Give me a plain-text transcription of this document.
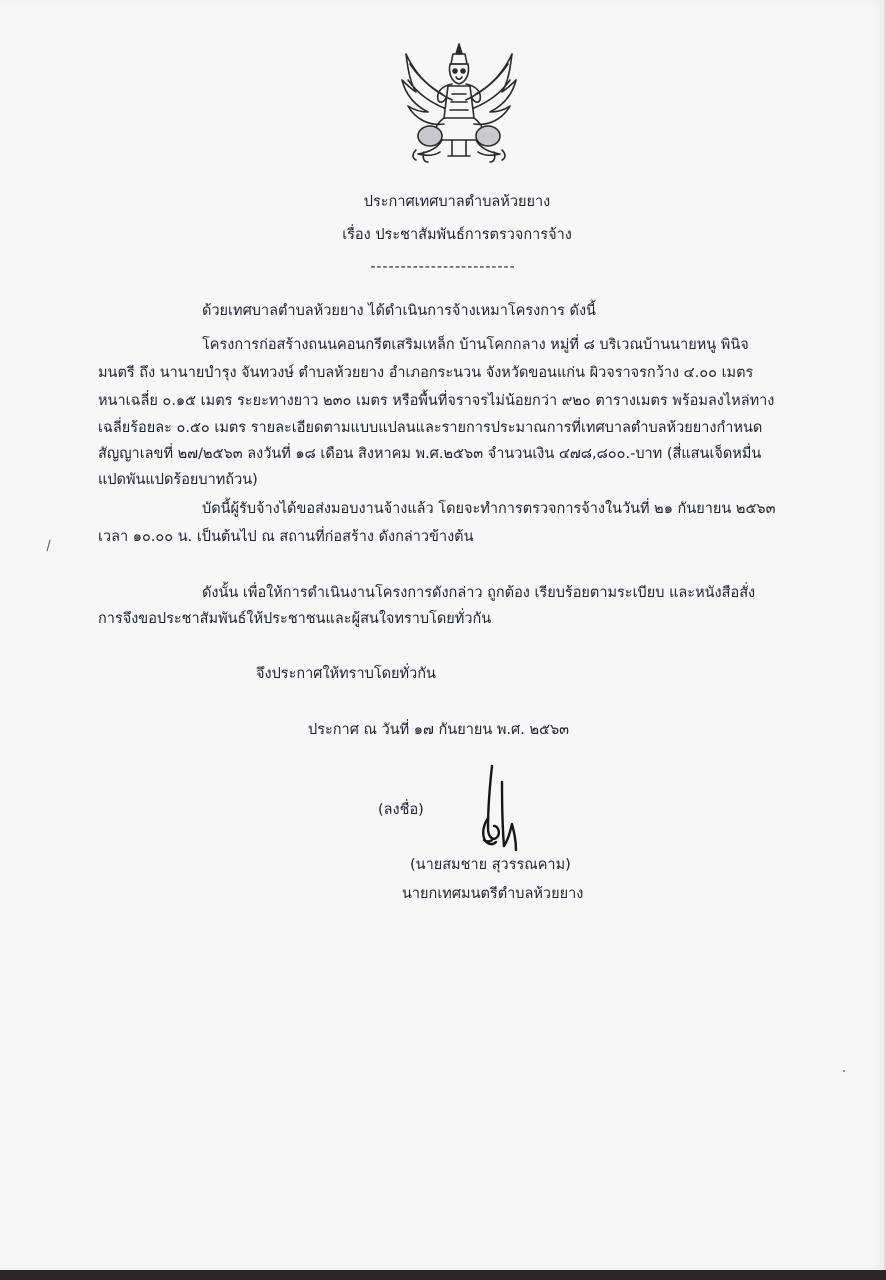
ประกาศเทศบาลตำบลห้วยยาง
เรื่อง ประชาสัมพันธ์การตรวจการจ้าง
------------------------
ด้วยเทศบาลตำบลห้วยยาง ได้ดำเนินการจ้างเหมาโครงการ ดังนี้
โครงการก่อสร้างถนนคอนกรีตเสริมเหล็ก บ้านโคกกลาง หมู่ที่ ๘ บริเวณบ้านนายหนู พินิจ
มนตรี ถึง นานายบำรุง จันทวงษ์ ตำบลห้วยยาง อำเภอกระนวน จังหวัดขอนแก่น ผิวจราจรกว้าง ๔.๐๐ เมตร
หนาเฉลี่ย ๐.๑๕ เมตร ระยะทางยาว ๒๓๐ เมตร หรือพื้นที่จราจรไม่น้อยกว่า ๙๒๐ ตารางเมตร พร้อมลงไหล่ทาง
เฉลี่ยร้อยละ ๐.๕๐ เมตร รายละเอียดตามแบบแปลนและรายการประมาณการที่เทศบาลตำบลห้วยยางกำหนด
สัญญาเลขที่ ๒๗/๒๕๖๓ ลงวันที่ ๑๘ เดือน สิงหาคม พ.ศ.๒๕๖๓ จำนวนเงิน ๔๗๘,๘๐๐.-บาท (สี่แสนเจ็ดหมื่น
แปดพันแปดร้อยบาทถ้วน)
บัดนี้ผู้รับจ้างได้ขอส่งมอบงานจ้างแล้ว โดยจะทำการตรวจการจ้างในวันที่ ๒๑ กันยายน ๒๕๖๓
เวลา ๑๐.๐๐ น. เป็นต้นไป ณ สถานที่ก่อสร้าง ดังกล่าวข้างต้น
ดังนั้น เพื่อให้การดำเนินงานโครงการดังกล่าว ถูกต้อง เรียบร้อยตามระเบียบ และหนังสือสั่ง
การจึงขอประชาสัมพันธ์ให้ประชาชนและผู้สนใจทราบโดยทั่วกัน
จึงประกาศให้ทราบโดยทั่วกัน
ประกาศ ณ วันที่ ๑๗ กันยายน พ.ศ. ๒๕๖๓
(ลงชื่อ)
(นายสมชาย สุวรรณคาม)
นายกเทศมนตรีตำบลห้วยยาง
